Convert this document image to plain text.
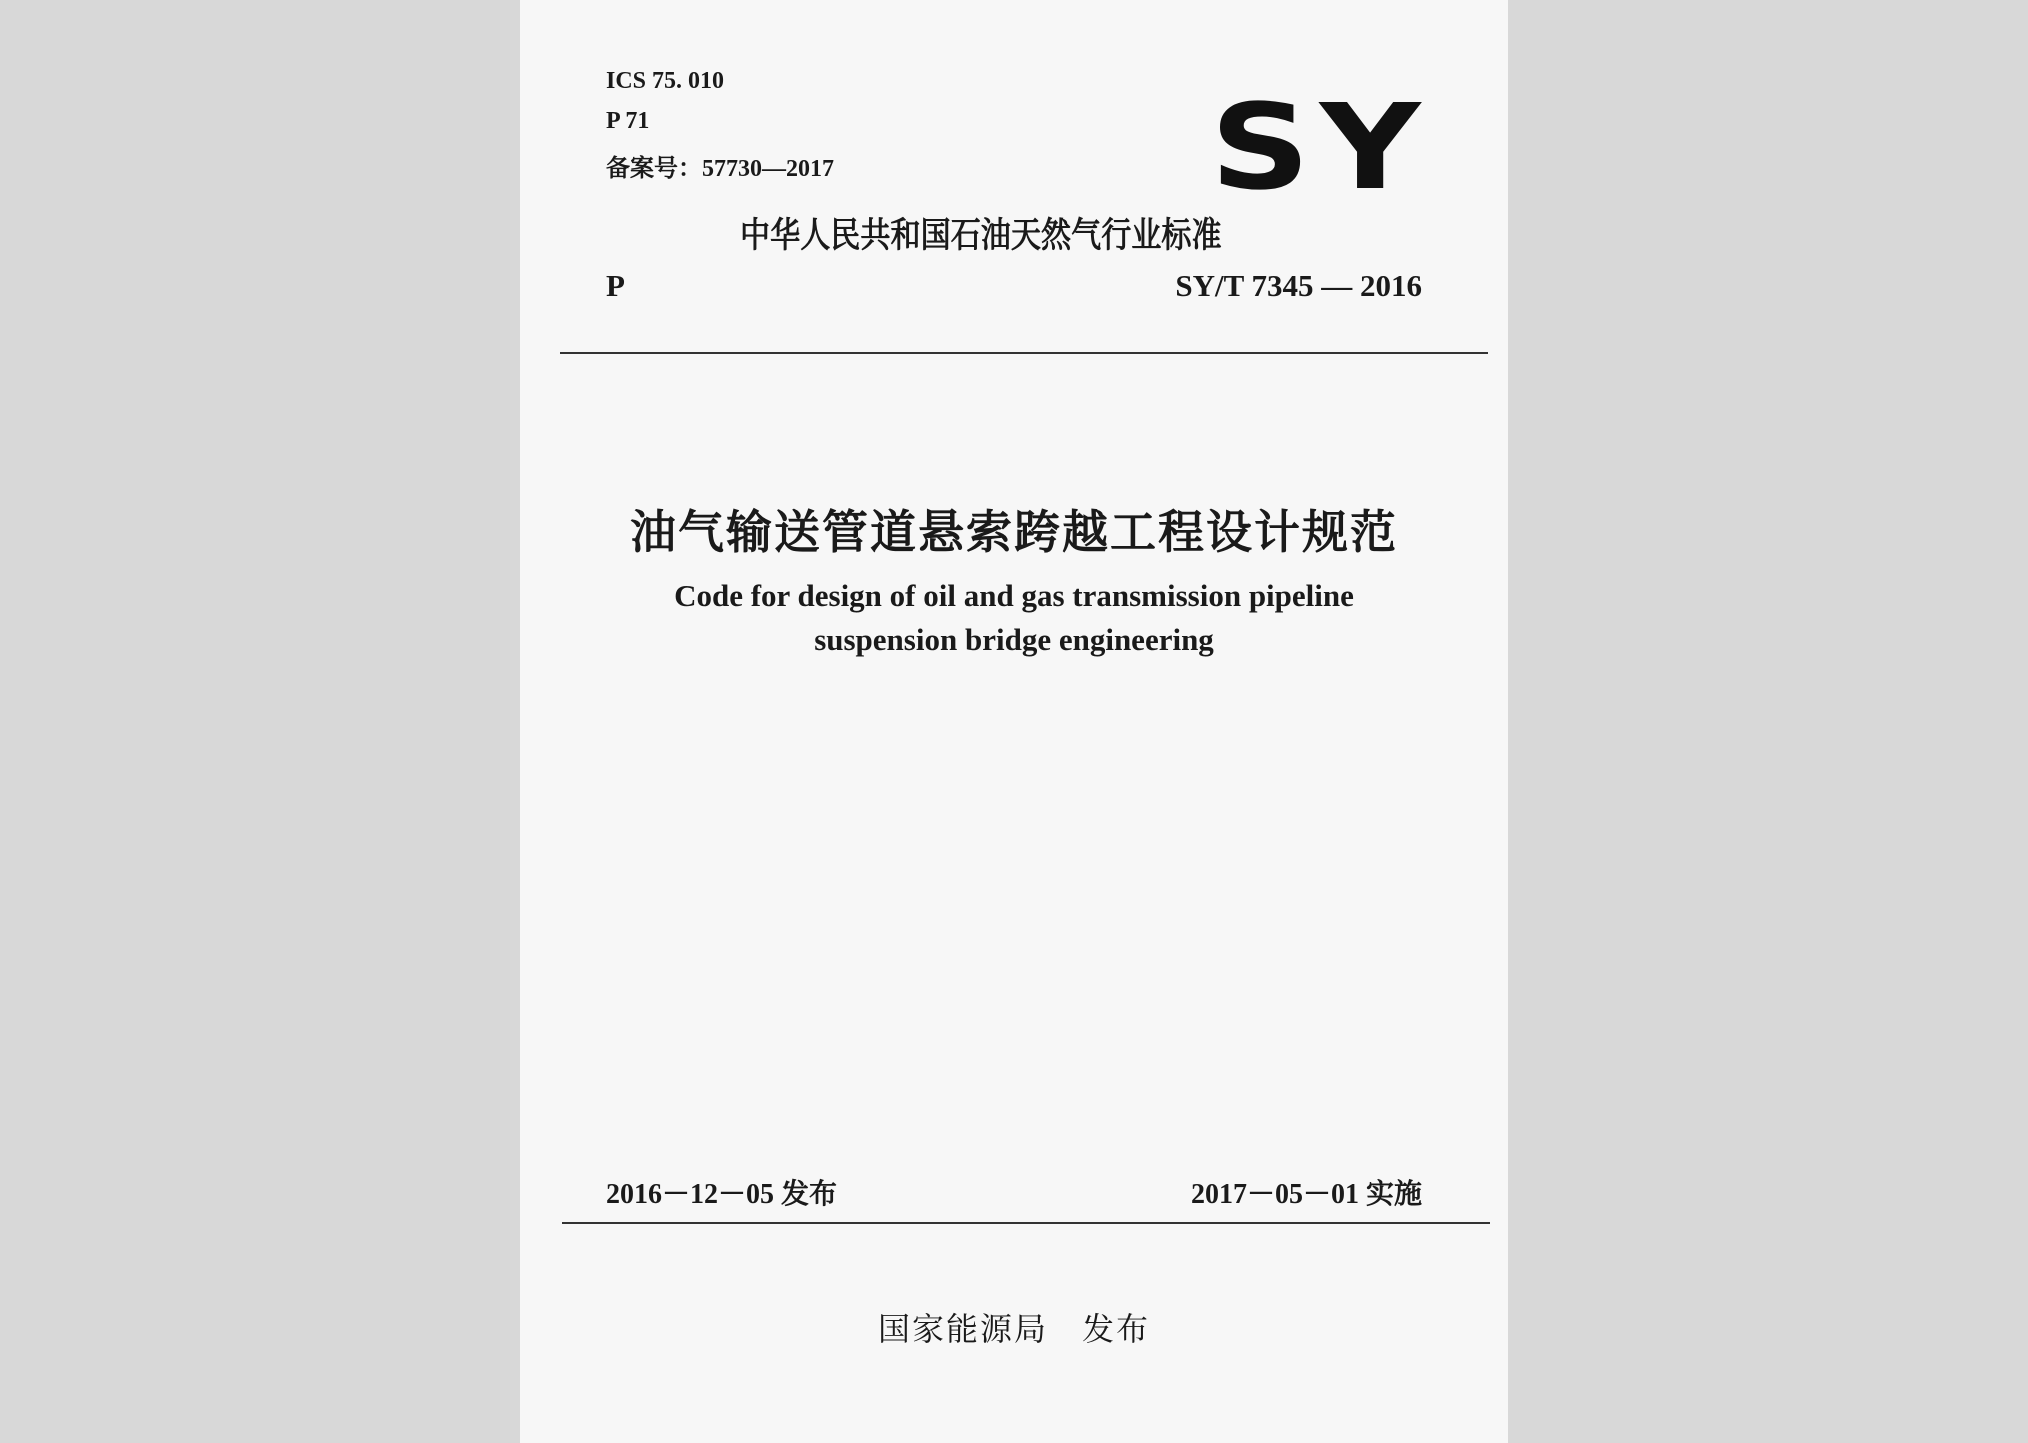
ICS 75. 010

P 71

备案号：57730—2017	SY

中华人民共和国石油天然气行业标准

P	SY/T 7345 — 2016

油气输送管道悬索跨越工程设计规范

Code for design of oil and gas transmission pipeline

suspension bridge engineering

2016－12－05 发布	2017－05－01 实施

国家能源局　发布
